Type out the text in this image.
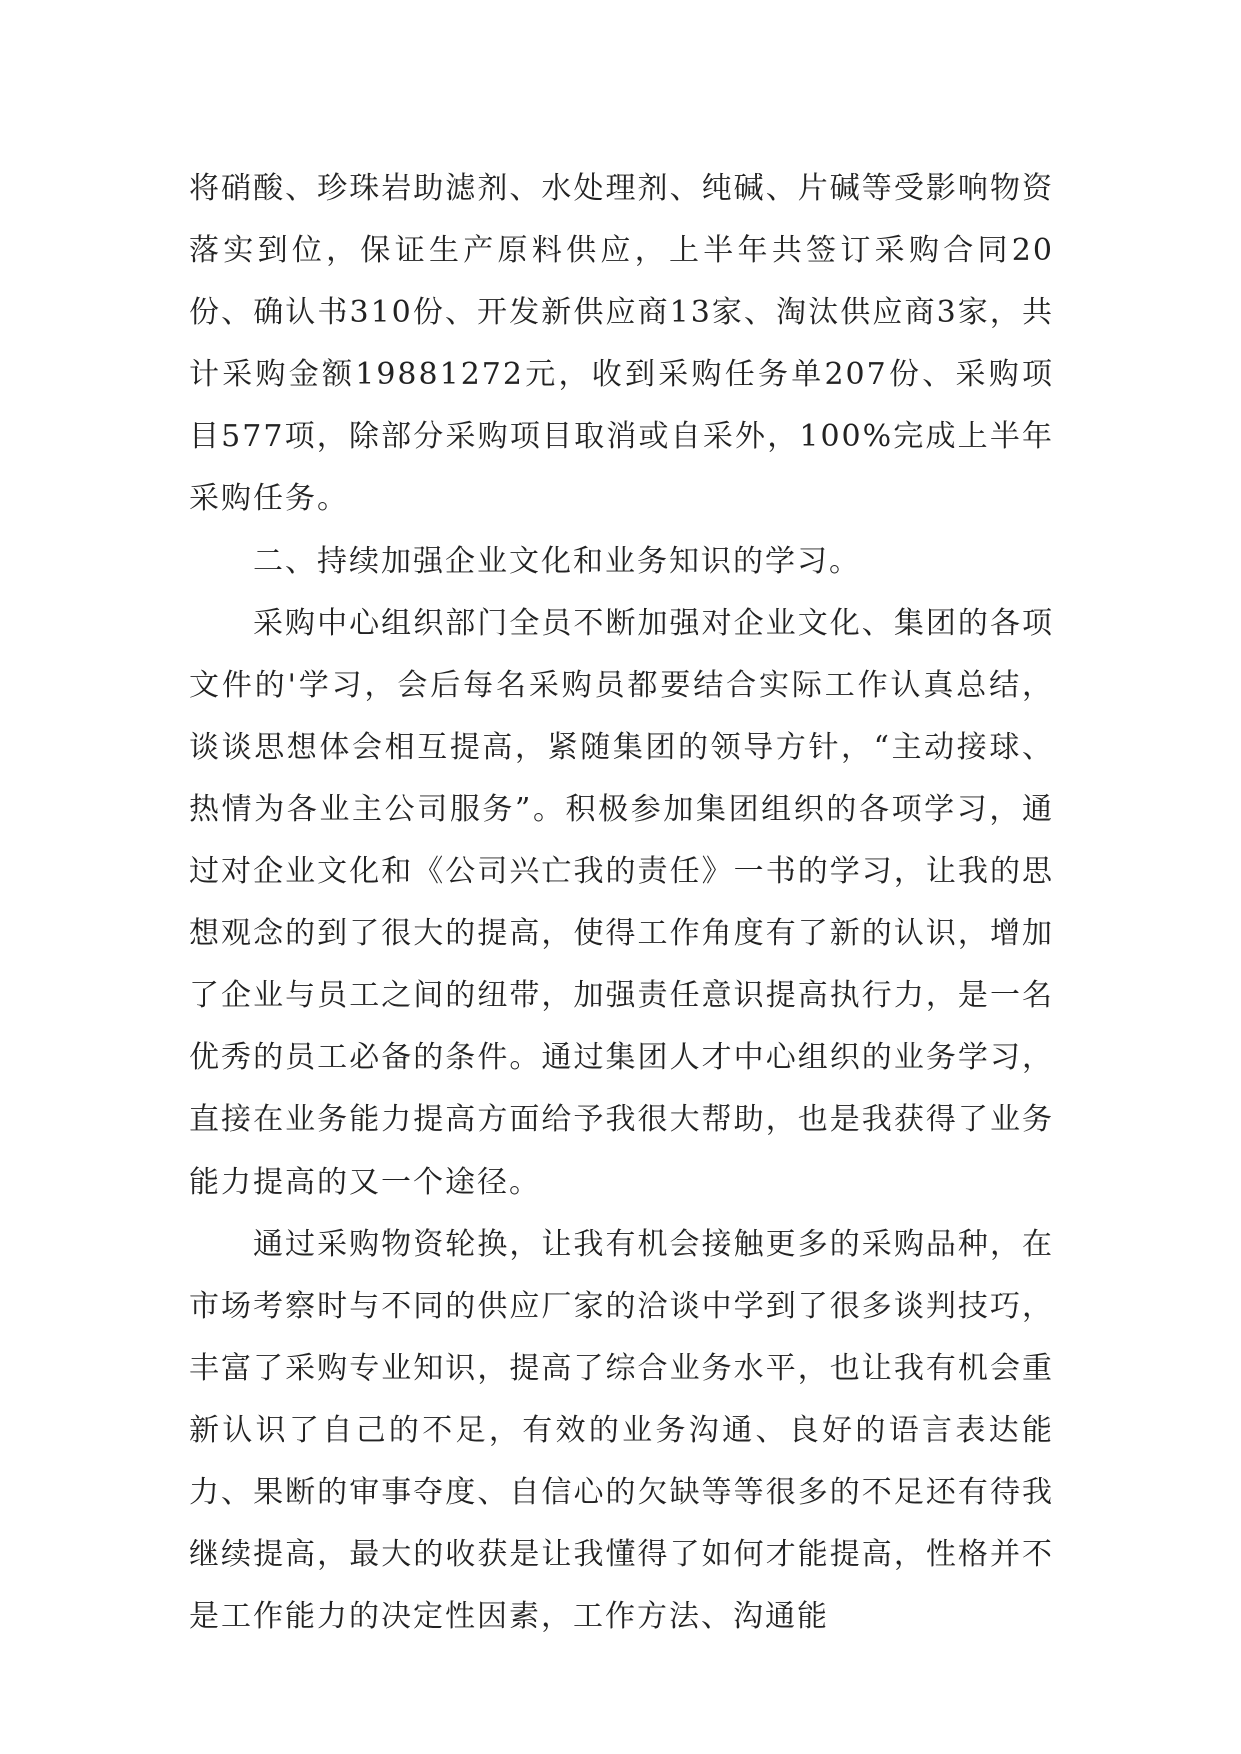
将硝酸、珍珠岩助滤剂、水处理剂、纯碱、片碱等受影响物资落实到位，保证生产原料供应，上半年共签订采购合同20份、确认书310份、开发新供应商13家、淘汰供应商3家，共计采购金额19881272元，收到采购任务单207份、采购项目577项，除部分采购项目取消或自采外，100%完成上半年采购任务。

二、持续加强企业文化和业务知识的学习。

采购中心组织部门全员不断加强对企业文化、集团的各项文件的'学习，会后每名采购员都要结合实际工作认真总结，谈谈思想体会相互提高，紧随集团的领导方针，“主动接球、热情为各业主公司服务”。积极参加集团组织的各项学习，通过对企业文化和《公司兴亡我的责任》一书的学习，让我的思想观念的到了很大的提高，使得工作角度有了新的认识，增加了企业与员工之间的纽带，加强责任意识提高执行力，是一名优秀的员工必备的条件。通过集团人才中心组织的业务学习，直接在业务能力提高方面给予我很大帮助，也是我获得了业务能力提高的又一个途径。

通过采购物资轮换，让我有机会接触更多的采购品种，在市场考察时与不同的供应厂家的洽谈中学到了很多谈判技巧，丰富了采购专业知识，提高了综合业务水平，也让我有机会重新认识了自己的不足，有效的业务沟通、良好的语言表达能力、果断的审事夺度、自信心的欠缺等等很多的不足还有待我继续提高，最大的收获是让我懂得了如何才能提高，性格并不是工作能力的决定性因素，工作方法、沟通能
